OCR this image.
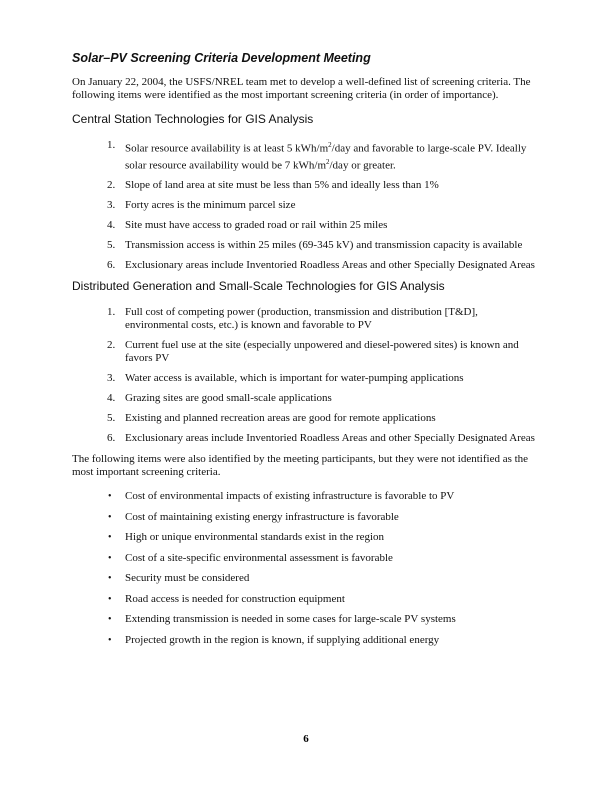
Solar–PV Screening Criteria Development Meeting
On January 22, 2004, the USFS/NREL team met to develop a well-defined list of screening criteria. The following items were identified as the most important screening criteria (in order of importance).
Central Station Technologies for GIS Analysis
1. Solar resource availability is at least 5 kWh/$m^2$/day and favorable to large-scale PV. Ideally solar resource availability would be 7 kWh/$m^2$/day or greater.
2. Slope of land area at site must be less than 5% and ideally less than 1%
3. Forty acres is the minimum parcel size
4. Site must have access to graded road or rail within 25 miles
5. Transmission access is within 25 miles (69-345 kV) and transmission capacity is available
6. Exclusionary areas include Inventoried Roadless Areas and other Specially Designated Areas
Distributed Generation and Small-Scale Technologies for GIS Analysis
1. Full cost of competing power (production, transmission and distribution [T&D], environmental costs, etc.) is known and favorable to PV
2. Current fuel use at the site (especially unpowered and diesel-powered sites) is known and favors PV
3. Water access is available, which is important for water-pumping applications
4. Grazing sites are good small-scale applications
5. Existing and planned recreation areas are good for remote applications
6. Exclusionary areas include Inventoried Roadless Areas and other Specially Designated Areas
The following items were also identified by the meeting participants, but they were not identified as the most important screening criteria.
• Cost of environmental impacts of existing infrastructure is favorable to PV
• Cost of maintaining existing energy infrastructure is favorable
• High or unique environmental standards exist in the region
• Cost of a site-specific environmental assessment is favorable
• Security must be considered
• Road access is needed for construction equipment
• Extending transmission is needed in some cases for large-scale PV systems
• Projected growth in the region is known, if supplying additional energy
6
